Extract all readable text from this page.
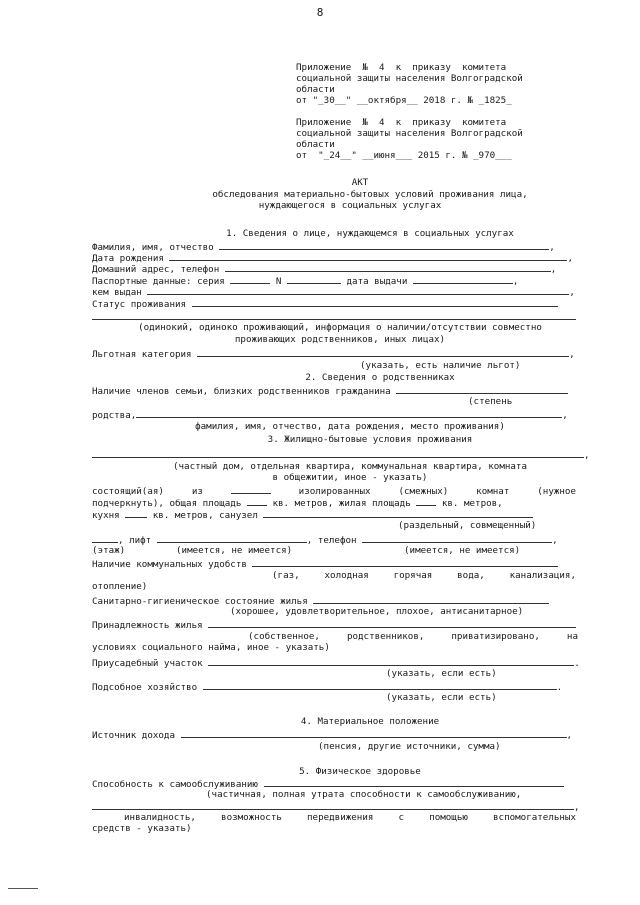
8
Приложение  №  4  к  приказу  комитета
социальной защиты населения Волгоградской
области
от "_30__" __октября__ 2018 г. № _1825_
Приложение  №  4  к  приказу  комитета
социальной защиты населения Волгоградской
области
от  "_24__" __июня___ 2015 г. № _970___
АКТ
обследования материально-бытовых условий проживания лица,
нуждающегося в социальных услугах
1. Сведения о лице, нуждающемся в социальных услугах
Фамилия, имя, отчество	,
Дата рождения	,
Домашний адрес, телефон	,
Паспортные данные: серия	N	дата выдачи	,
кем выдан	,
Статус проживания
(одинокий, одиноко проживающий, информация о наличии/отсутствии совместно
проживающих родственников, иных лицах)
Льготная категория	,
(указать, есть наличие льгот)
2. Сведения о родственниках
Наличие членов семьи, близких родственников гражданина
(степень
родства,	,
фамилия, имя, отчество, дата рождения, место проживания)
3. Жилищно-бытовые условия проживания
,
(частный дом, отдельная квартира, коммунальная квартира, комната
в общежитии, иное - указать)
состоящий(ая)	из	изолированных	(смежных)	комнат	(нужное
подчеркнуть), общая площадь	кв. метров, жилая площадь	кв. метров,
кухня	кв. метров, санузел
(раздельный, совмещенный)
, лифт	, телефон	,
(этаж)	(имеется, не имеется)	(имеется, не имеется)
Наличие коммунальных удобств
(газ,	холодная	горячая	вода,	канализация,
отопление)
Санитарно-гигиеническое состояние жилья
(хорошее, удовлетворительное, плохое, антисанитарное)
Принадлежность жилья
(собственное,	родственников,	приватизировано,	на
условиях социального найма, иное - указать)
Приусадебный участок	.
(указать, если есть)
Подсобное хозяйство	.
(указать, если есть)
4. Материальное положение
Источник дохода	,
(пенсия, другие источники, сумма)
5. Физическое здоровье
Способность к самообслуживанию
(частичная, полная утрата способности к самообслуживанию,
,
инвалидность,	возможность	передвижения	с	помощью	вспомогательных
средств - указать)
